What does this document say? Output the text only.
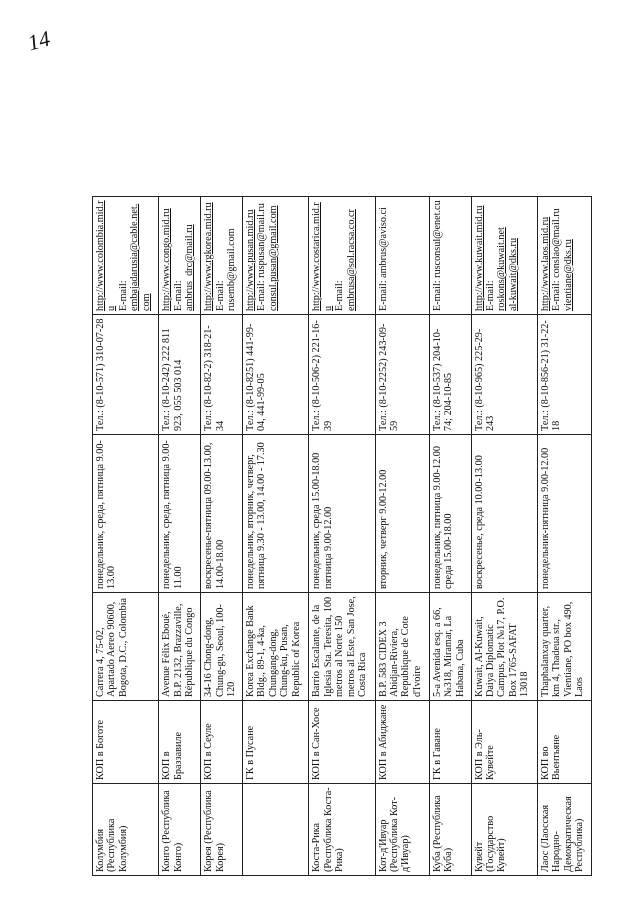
14
Колумбия (Республика Колумбия)	КОП в Боготе	Carrera 4, 75-02, Apartado Aereo 90600, Bogota, D.C., Colombia	понедельник, среда, пятница 9.00-13.00	Тел.: (8-10-571) 310-07-28	http://www.colombia.mid.ru E-mail: embajadarusia@cable.net.com

Конго (Республика Конго)	КОП в Браззавиле	Avenue Félix Eboué, B.P. 2132, Brazzaville, République du Congo	понедельник, среда, пятница 9.00-11.00	Тел.: (8-10-242) 222 811 923, 055 503 014	http://www.congo.mid.ru E-mail: ambrus_drc@mail.ru

Корея (Республика Корея)	КОП в Сеуле	34-16 Chong-dong, Chung-gu, Seoul, 100-120	воскресенье-пятница 09.00-13.00, 14.00-18.00	Тел.: (8-10-82-2) 318-21-34	http://www.rgkorea.mid.ru E-mail: rusemb@gmail.com

	ГК в Пусане	Korea Exchange Bank Bldg., 89-1, 4-ka, Chungang-dong, Chung-ku, Pusan, Republic of Korea	понедельник, вторник, четверг, пятница 9.30 - 13.00, 14.00 - 17.30	Тел.: (8-10-8251) 441-99-04, 441-99-05	http://www.pusan.mid.ru E-mail: ruspusan@mail.ru consul.pusan@gmail.com

Коста-Рика (Республика Коста-Рика)	КОП в Сан-Хосе	Barrio Escalante, de la Iglesia Sta. Teresita, 100 metros al Norte 150 metros al Este, San Jose, Costa Rica	понедельник, среда 15.00-18.00 пятница 9.00-12.00	Тел.: (8-10-506-2) 221-16-39	http://www.costarica.mid.ru E-mail: embrusa@sol.racsa.co.cr

Кот-д'Ивуар (Республика Кот-д'Ивуар)	КОП в Абиджане	B.P. 583 CIDEX 3 Abidjan-Riviera, Republique de Cote d'Ivoire	вторник, четверг 9.00-12.00	Тел.: (8-10-2252) 243-09-59	E-mail: ambrus@aviso.ci

Куба (Республика Куба)	ГК в Гаване	5-a Avenida esq. a 66, №318, Miramar, La Habana, Cuba	понедельник, пятница 9.00-12.00 среда 15.00-18.00	Тел.: (8-10-537) 204-10-74; 204-10-85	E-mail: rusconsul@enet.cu

Кувейт (Государство Кувейт)	КОП в Эль-Кувейте	Kuwait, Al-Kuwait, Daiya Diplomatic Campus, Plot №17, P.O. Box 1765-SAFAT 13018	воскресенье, среда 10.00-13.00	Тел.: (8-10-965) 225-29-243	http://www.kuwait.mid.ru E-mail: roskons@kuwait.net al-kuwait@dks.ru

Лаос (Лаосская Народно-Демократическая Республика)	КОП во Вьентьяне	Thaphalanxay quarter, km 4, Thadeua str., Vientiane, PO box 490, Laos	понедельник-пятница 9.00-12.00	Тел.: (8-10-856-21) 31-22-18	http://www.laos.mid.ru E-mail: conslao@mail.ru vientiane@dks.ru
